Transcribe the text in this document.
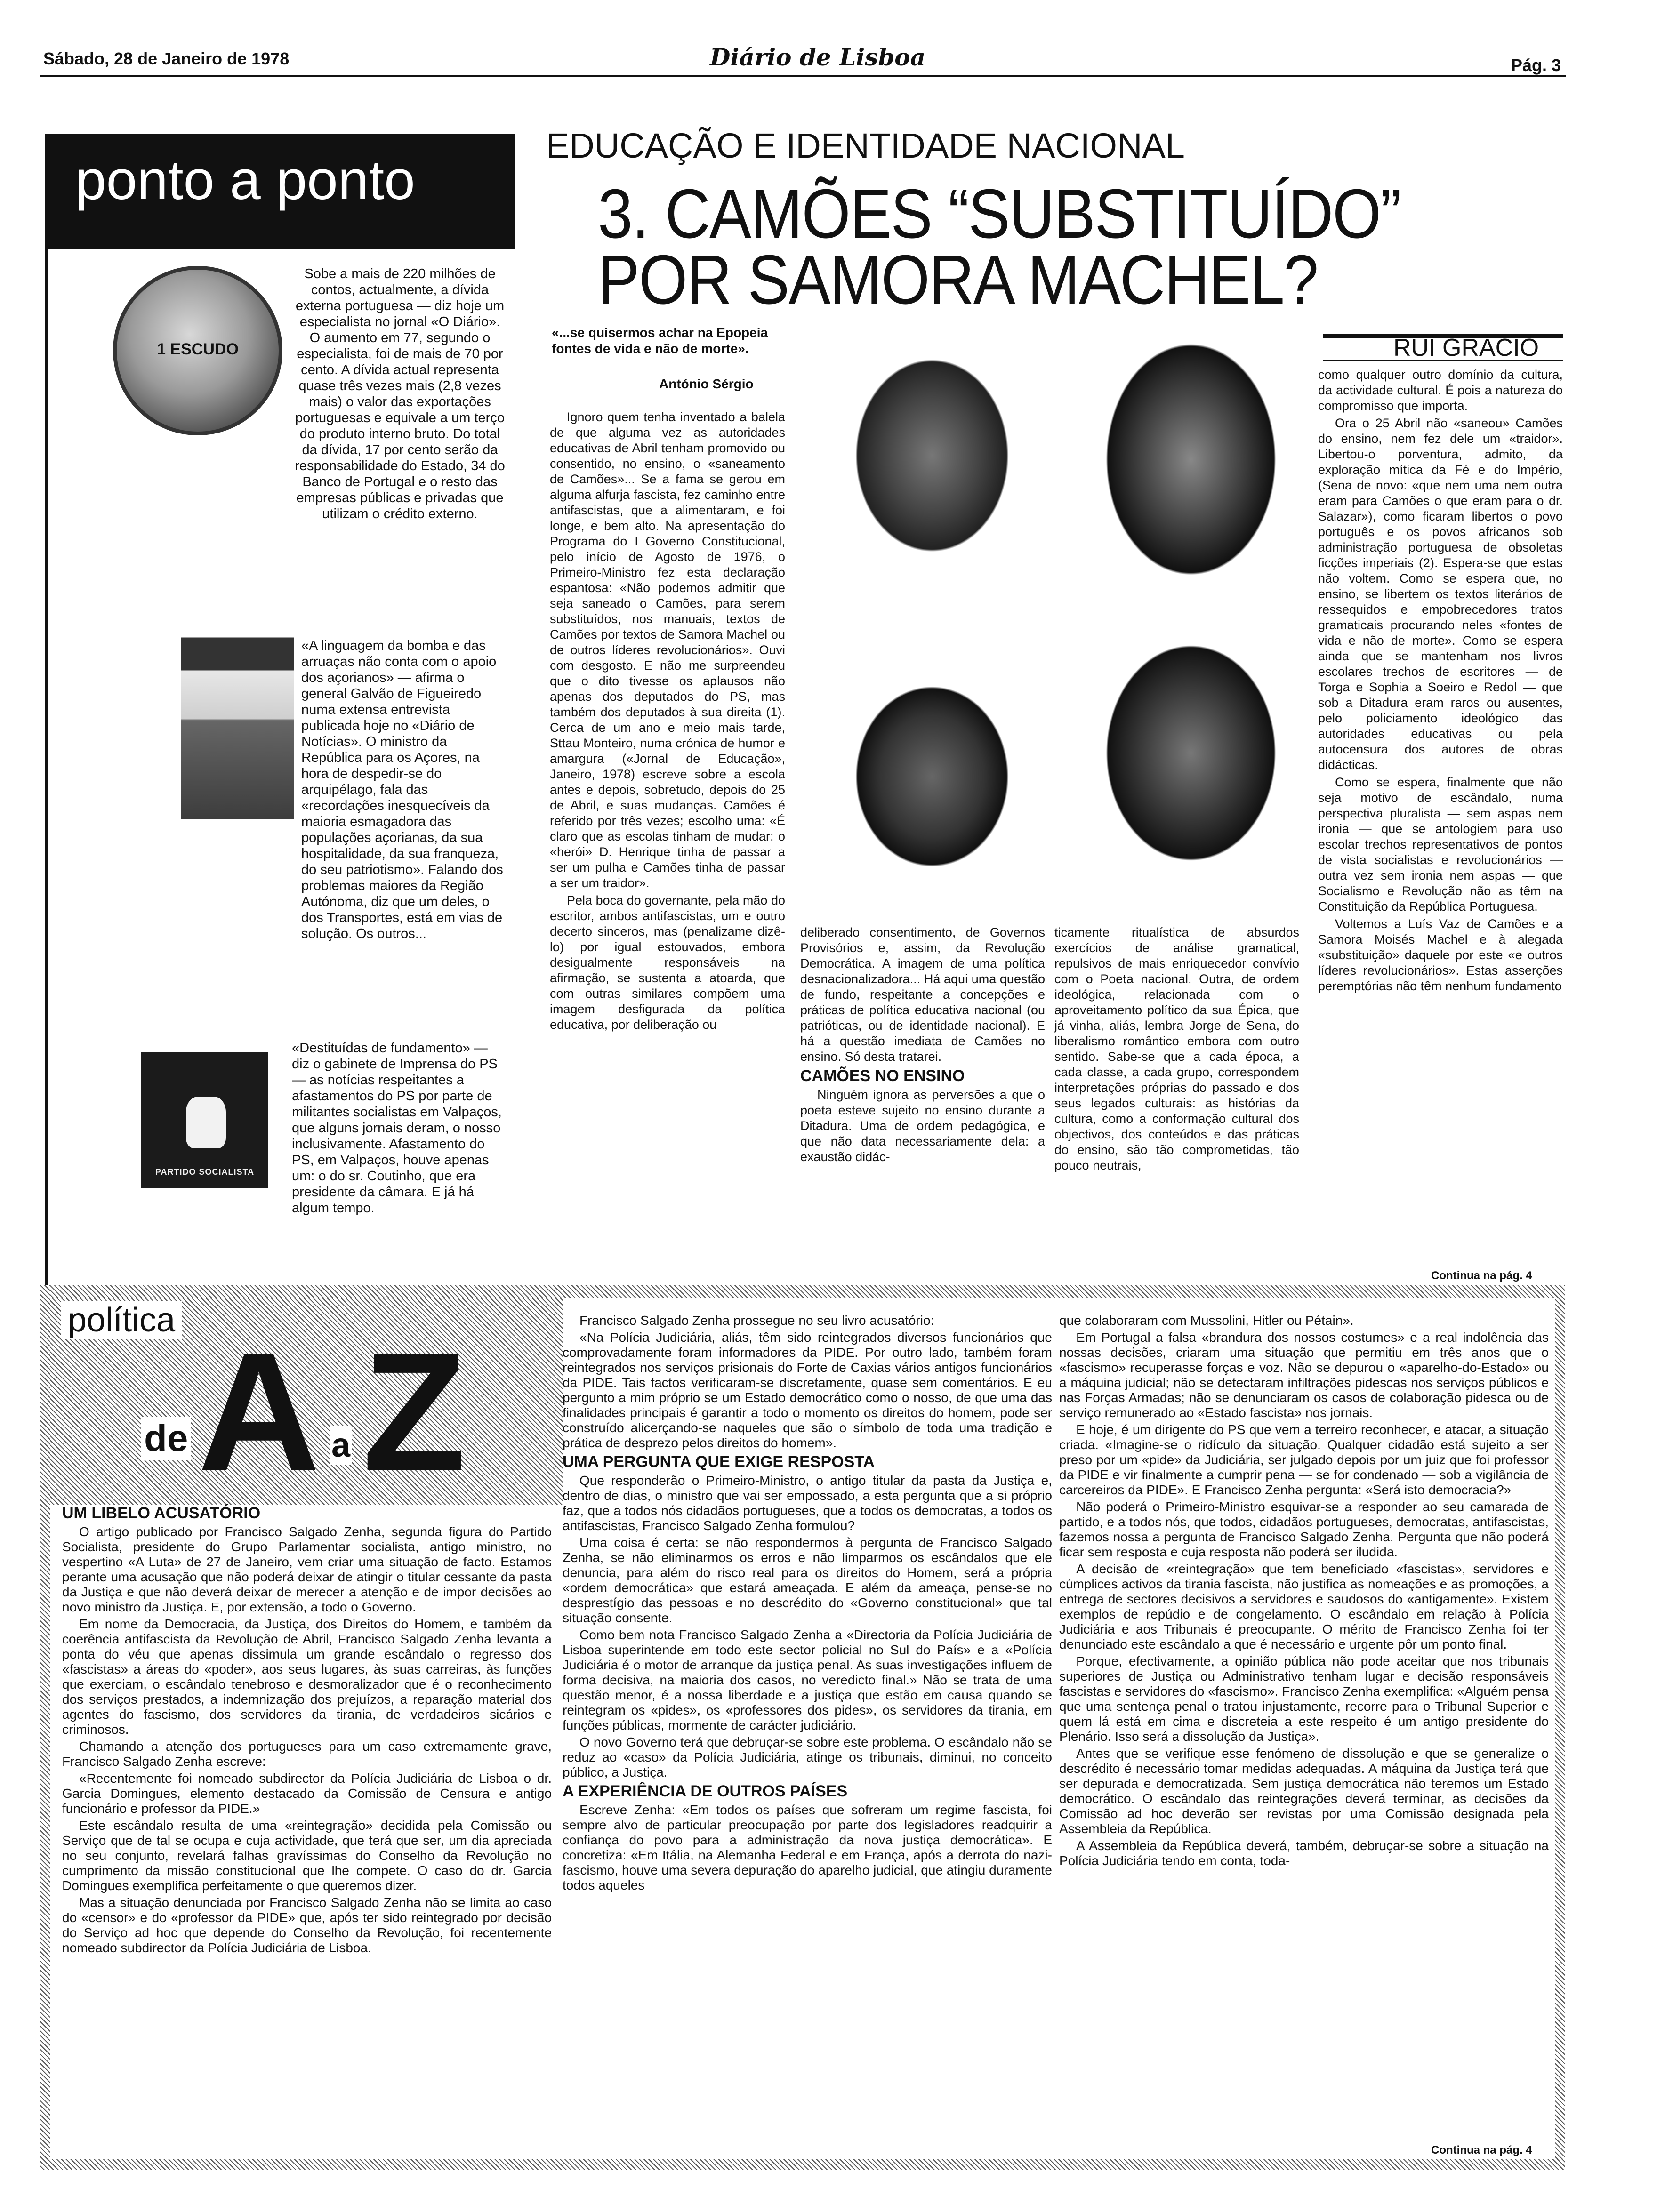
Sábado, 28 de Janeiro de 1978	Diário de Lisboa	Pág. 3
ponto a ponto
1 ESCUDO
Sobe a mais de 220 milhões de contos, actualmente, a dívida externa portuguesa — diz hoje um especialista no jornal «O Diário». O aumento em 77, segundo o especialista, foi de mais de 70 por cento. A dívida actual representa quase três vezes mais (2,8 vezes mais) o valor das exportações portuguesas e equivale a um terço do produto interno bruto. Do total da dívida, 17 por cento serão da responsabilidade do Estado, 34 do Banco de Portugal e o resto das empresas públicas e privadas que utilizam o crédito externo.
«A linguagem da bomba e das arruaças não conta com o apoio dos açorianos» — afirma o general Galvão de Figueiredo numa extensa entrevista publicada hoje no «Diário de Notícias». O ministro da República para os Açores, na hora de despedir-se do arquipélago, fala das «recordações inesquecíveis da maioria esmagadora das populações açorianas, da sua hospitalidade, da sua franqueza, do seu patriotismo». Falando dos problemas maiores da Região Autónoma, diz que um deles, o dos Transportes, está em vias de solução. Os outros...
PARTIDO SOCIALISTA
«Destituídas de fundamento» — diz o gabinete de Imprensa do PS — as notícias respeitantes a afastamentos do PS por parte de militantes socialistas em Valpaços, que alguns jornais deram, o nosso inclusivamente. Afastamento do PS, em Valpaços, houve apenas um: o do sr. Coutinho, que era presidente da câmara. E já há algum tempo.
EDUCAÇÃO E IDENTIDADE NACIONAL
3. CAMÕES “SUBSTITUÍDO”
POR SAMORA MACHEL?
«...se quisermos achar na Epopeia fontes de vida e não de morte».
António Sérgio
RUI GRÁCIO

Ignoro quem tenha inventado a balela de que alguma vez as autoridades educativas de Abril tenham promovido ou consentido, no ensino, o «saneamento de Camões»... Se a fama se gerou em alguma alfurja fascista, fez caminho entre antifascistas, que a alimentaram, e foi longe, e bem alto. Na apresentação do Programa do I Governo Constitucional, pelo início de Agosto de 1976, o Primeiro-Ministro fez esta declaração espantosa: «Não podemos admitir que seja saneado o Camões, para serem substituídos, nos manuais, textos de Camões por textos de Samora Machel ou de outros líderes revolucionários». Ouvi com desgosto. E não me surpreendeu que o dito tivesse os aplausos não apenas dos deputados do PS, mas também dos deputados à sua direita (1). Cerca de um ano e meio mais tarde, Sttau Monteiro, numa crónica de humor e amargura («Jornal de Educação», Janeiro, 1978) escreve sobre a escola antes e depois, sobretudo, depois do 25 de Abril, e suas mudanças. Camões é referido por três vezes; escolho uma: «É claro que as escolas tinham de mudar: o «herói» D. Henrique tinha de passar a ser um pulha e Camões tinha de passar a ser um traidor».

Pela boca do governante, pela mão do escritor, ambos antifascistas, um e outro decerto sinceros, mas (penalizame dizê-lo) por igual estouvados, embora desigualmente responsáveis na afirmação, se sustenta a atoarda, que com outras similares compõem uma imagem desfigurada da política educativa, por deliberação ou

deliberado consentimento, de Governos Provisórios e, assim, da Revolução Democrática. A imagem de uma política desnacionalizadora... Há aqui uma questão de fundo, respeitante a concepções e práticas de política educativa nacional (ou patrióticas, ou de identidade nacional). E há a questão imediata de Camões no ensino. Só desta tratarei.

CAMÕES NO ENSINO

Ninguém ignora as perversões a que o poeta esteve sujeito no ensino durante a Ditadura. Uma de ordem pedagógica, e que não data necessariamente dela: a exaustão didác-

ticamente ritualística de absurdos exercícios de análise gramatical, repulsivos de mais enriquecedor convívio com o Poeta nacional. Outra, de ordem ideológica, relacionada com o aproveitamento político da sua Épica, que já vinha, aliás, lembra Jorge de Sena, do liberalismo romântico embora com outro sentido. Sabe-se que a cada época, a cada classe, a cada grupo, correspondem interpretações próprias do passado e dos seus legados culturais: as histórias da cultura, como a conformação cultural dos objectivos, dos conteúdos e das práticas do ensino, são tão comprometidas, tão pouco neutrais,

como qualquer outro domínio da cultura, da actividade cultural. É pois a natureza do compromisso que importa.

Ora o 25 Abril não «saneou» Camões do ensino, nem fez dele um «traidor». Libertou-o porventura, admito, da exploração mítica da Fé e do Império, (Sena de novo: «que nem uma nem outra eram para Camões o que eram para o dr. Salazar»), como ficaram libertos o povo português e os povos africanos sob administração portuguesa de obsoletas ficções imperiais (2). Espera-se que estas não voltem. Como se espera que, no ensino, se libertem os textos literários de ressequidos e empobrecedores tratos gramaticais procurando neles «fontes de vida e não de morte». Como se espera ainda que se mantenham nos livros escolares trechos de escritores — de Torga e Sophia a Soeiro e Redol — que sob a Ditadura eram raros ou ausentes, pelo policiamento ideológico das autoridades educativas ou pela autocensura dos autores de obras didácticas.

Como se espera, finalmente que não seja motivo de escândalo, numa perspectiva pluralista — sem aspas nem ironia — que se antologiem para uso escolar trechos representativos de pontos de vista socialistas e revolucionários — outra vez sem ironia nem aspas — que Socialismo e Revolução não as têm na Constituição da República Portuguesa.

Voltemos a Luís Vaz de Camões e a Samora Moisés Machel e à alegada «substituição» daquele por este «e outros líderes revolucionários». Estas asserções peremptórias não têm nenhum fundamento

Continua na pág. 4
política
de A a Z

UM LIBELO ACUSATÓRIO

O artigo publicado por Francisco Salgado Zenha, segunda figura do Partido Socialista, presidente do Grupo Parlamentar socialista, antigo ministro, no vespertino «A Luta» de 27 de Janeiro, vem criar uma situação de facto. Estamos perante uma acusação que não poderá deixar de atingir o titular cessante da pasta da Justiça e que não deverá deixar de merecer a atenção e de impor decisões ao novo ministro da Justiça. E, por extensão, a todo o Governo.

Em nome da Democracia, da Justiça, dos Direitos do Homem, e também da coerência antifascista da Revolução de Abril, Francisco Salgado Zenha levanta a ponta do véu que apenas dissimula um grande escândalo o regresso dos «fascistas» a áreas do «poder», aos seus lugares, às suas carreiras, às funções que exerciam, o escândalo tenebroso e desmoralizador que é o reconhecimento dos serviços prestados, a indemnização dos prejuízos, a reparação material dos agentes do fascismo, dos servidores da tirania, de verdadeiros sicários e criminosos.

Chamando a atenção dos portugueses para um caso extremamente grave, Francisco Salgado Zenha escreve:

«Recentemente foi nomeado subdirector da Polícia Judiciária de Lisboa o dr. Garcia Domingues, elemento destacado da Comissão de Censura e antigo funcionário e professor da PIDE.»

Este escândalo resulta de uma «reintegração» decidida pela Comissão ou Serviço que de tal se ocupa e cuja actividade, que terá que ser, um dia apreciada no seu conjunto, revelará falhas gravíssimas do Conselho da Revolução no cumprimento da missão constitucional que lhe compete. O caso do dr. Garcia Domingues exemplifica perfeitamente o que queremos dizer.

Mas a situação denunciada por Francisco Salgado Zenha não se limita ao caso do «censor» e do «professor da PIDE» que, após ter sido reintegrado por decisão do Serviço ad hoc que depende do Conselho da Revolução, foi recentemente nomeado subdirector da Polícia Judiciária de Lisboa.

Francisco Salgado Zenha prossegue no seu livro acusatório:

«Na Polícia Judiciária, aliás, têm sido reintegrados diversos funcionários que comprovadamente foram informadores da PIDE. Por outro lado, também foram reintegrados nos serviços prisionais do Forte de Caxias vários antigos funcionários da PIDE. Tais factos verificaram-se discretamente, quase sem comentários. E eu pergunto a mim próprio se um Estado democrático como o nosso, de que uma das finalidades principais é garantir a todo o momento os direitos do homem, pode ser construído alicerçando-se naqueles que são o símbolo de toda uma tradição e prática de desprezo pelos direitos do homem».

UMA PERGUNTA QUE EXIGE RESPOSTA

Que responderão o Primeiro-Ministro, o antigo titular da pasta da Justiça e, dentro de dias, o ministro que vai ser empossado, a esta pergunta que a si próprio faz, que a todos nós cidadãos portugueses, que a todos os democratas, a todos os antifascistas, Francisco Salgado Zenha formulou?

Uma coisa é certa: se não respondermos à pergunta de Francisco Salgado Zenha, se não eliminarmos os erros e não limparmos os escândalos que ele denuncia, para além do risco real para os direitos do Homem, será a própria «ordem democrática» que estará ameaçada. E além da ameaça, pense-se no desprestígio das pessoas e no descrédito do «Governo constitucional» que tal situação consente.

Como bem nota Francisco Salgado Zenha a «Directoria da Polícia Judiciária de Lisboa superintende em todo este sector policial no Sul do País» e a «Polícia Judiciária é o motor de arranque da justiça penal. As suas investigações influem de forma decisiva, na maioria dos casos, no veredicto final.» Não se trata de uma questão menor, é a nossa liberdade e a justiça que estão em causa quando se reintegram os «pides», os «professores dos pides», os servidores da tirania, em funções públicas, mormente de carácter judiciário.

O novo Governo terá que debruçar-se sobre este problema. O escândalo não se reduz ao «caso» da Polícia Judiciária, atinge os tribunais, diminui, no conceito público, a Justiça.

A EXPERIÊNCIA DE OUTROS PAÍSES

Escreve Zenha: «Em todos os países que sofreram um regime fascista, foi sempre alvo de particular preocupação por parte dos legisladores readquirir a confiança do povo para a administração da nova justiça democrática». E concretiza: «Em Itália, na Alemanha Federal e em França, após a derrota do nazi-fascismo, houve uma severa depuração do aparelho judicial, que atingiu duramente todos aqueles

que colaboraram com Mussolini, Hitler ou Pétain».

Em Portugal a falsa «brandura dos nossos costumes» e a real indolência das nossas decisões, criaram uma situação que permitiu em três anos que o «fascismo» recuperasse forças e voz. Não se depurou o «aparelho-do-Estado» ou a máquina judicial; não se detectaram infiltrações pidescas nos serviços públicos e nas Forças Armadas; não se denunciaram os casos de colaboração pidesca ou de serviço remunerado ao «Estado fascista» nos jornais.

E hoje, é um dirigente do PS que vem a terreiro reconhecer, e atacar, a situação criada. «Imagine-se o ridículo da situação. Qualquer cidadão está sujeito a ser preso por um «pide» da Judiciária, ser julgado depois por um juiz que foi professor da PIDE e vir finalmente a cumprir pena — se for condenado — sob a vigilância de carcereiros da PIDE». E Francisco Zenha pergunta: «Será isto democracia?»

Não poderá o Primeiro-Ministro esquivar-se a responder ao seu camarada de partido, e a todos nós, que todos, cidadãos portugueses, democratas, antifascistas, fazemos nossa a pergunta de Francisco Salgado Zenha. Pergunta que não poderá ficar sem resposta e cuja resposta não poderá ser iludida.

A decisão de «reintegração» que tem beneficiado «fascistas», servidores e cúmplices activos da tirania fascista, não justifica as nomeações e as promoções, a entrega de sectores decisivos a servidores e saudosos do «antigamente». Existem exemplos de repúdio e de congelamento. O escândalo em relação à Polícia Judiciária e aos Tribunais é preocupante. O mérito de Francisco Zenha foi ter denunciado este escândalo a que é necessário e urgente pôr um ponto final.

Porque, efectivamente, a opinião pública não pode aceitar que nos tribunais superiores de Justiça ou Administrativo tenham lugar e decisão responsáveis fascistas e servidores do «fascismo». Francisco Zenha exemplifica: «Alguém pensa que uma sentença penal o tratou injustamente, recorre para o Tribunal Superior e quem lá está em cima e discreteia a este respeito é um antigo presidente do Plenário. Isso será a dissolução da Justiça».

Antes que se verifique esse fenómeno de dissolução e que se generalize o descrédito é necessário tomar medidas adequadas. A máquina da Justiça terá que ser depurada e democratizada. Sem justiça democrática não teremos um Estado democrático. O escândalo das reintegrações deverá terminar, as decisões da Comissão ad hoc deverão ser revistas por uma Comissão designada pela Assembleia da República.

A Assembleia da República deverá, também, debruçar-se sobre a situação na Polícia Judiciária tendo em conta, toda-

Continua na pág. 4
